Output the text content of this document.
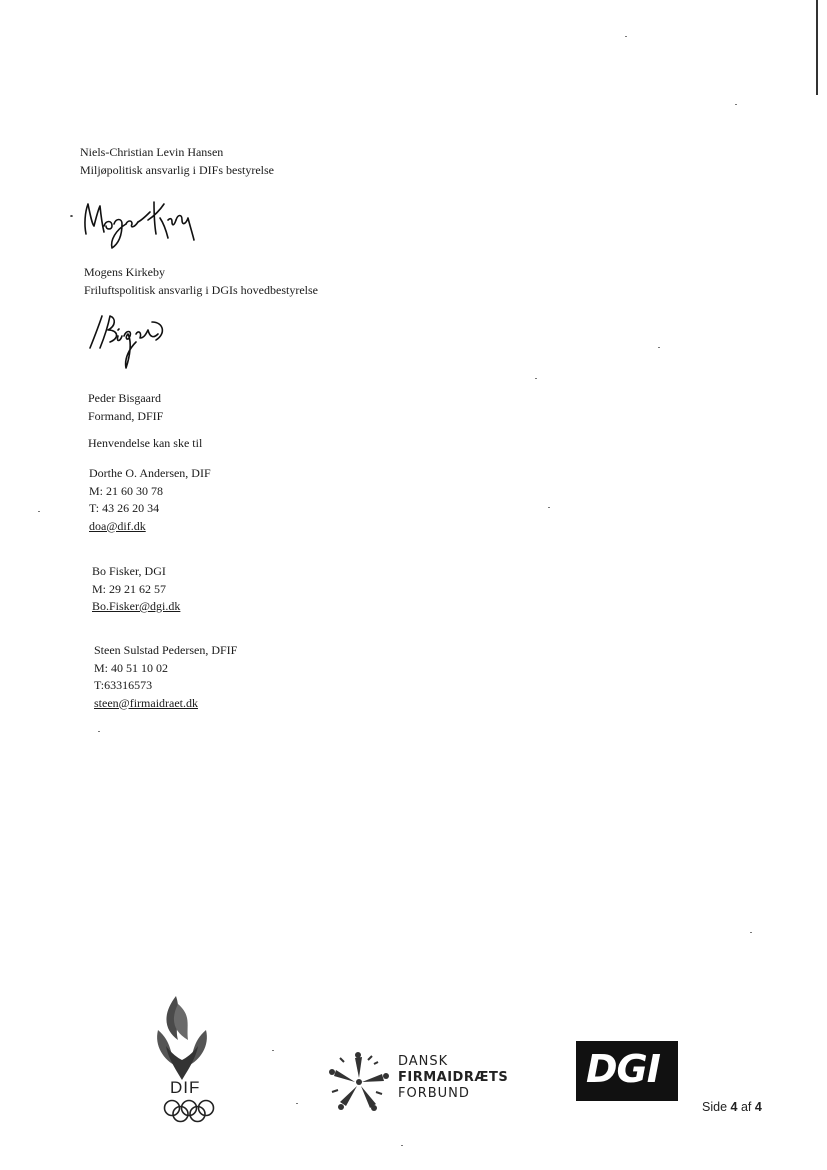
Niels-Christian Levin Hansen
Miljøpolitisk ansvarlig i DIFs bestyrelse
Mogens Kirkeby
Friluftspolitisk ansvarlig i DGIs hovedbestyrelse
Peder Bisgaard
Formand, DFIF
Henvendelse kan ske til
Dorthe O. Andersen, DIF
M: 21 60 30 78
T: 43 26 20 34
doa@dif.dk
Bo Fisker, DGI
M: 29 21 62 57
Bo.Fisker@dgi.dk
Steen Sulstad Pedersen, DFIF
M: 40 51 10 02
T:63316573
steen@firmaidraet.dk
DIF
DANSK
FIRMAIDRÆTS
FORBUND
DGI
Side 4 af 4
